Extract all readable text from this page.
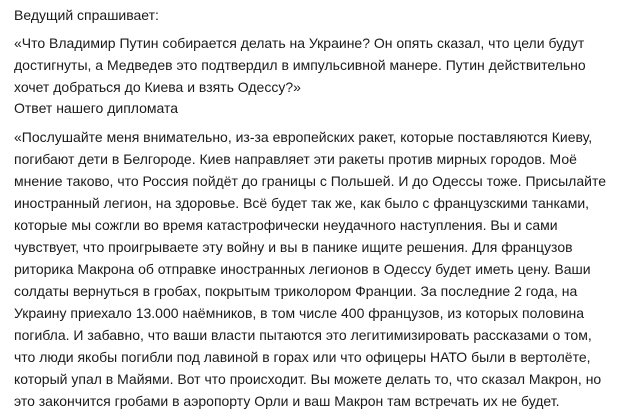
Ведущий спрашивает:
«Что Владимир Путин собирается делать на Украине? Он опять сказал, что цели будут
достигнуты, а Медведев это подтвердил в импульсивной манере. Путин действительно
хочет добраться до Киева и взять Одессу?»
Ответ нашего дипломата
«Послушайте меня внимательно, из-за европейских ракет, которые поставляются Киеву,
погибают дети в Белгороде. Киев направляет эти ракеты против мирных городов. Моё
мнение таково, что Россия пойдёт до границы с Польшей. И до Одессы тоже. Присылайте
иностранный легион, на здоровье. Всё будет так же, как было с французскими танками,
которые мы сожгли во время катастрофически неудачного наступления. Вы и сами
чувствует, что проигрываете эту войну и вы в панике ищите решения. Для французов
риторика Макрона об отправке иностранных легионов в Одессу будет иметь цену. Ваши
солдаты вернуться в гробах, покрытым триколором Франции. За последние 2 года, на
Украину приехало 13.000 наёмников, в том числе 400 французов, из которых половина
погибла. И забавно, что ваши власти пытаются это легитимизировать рассказами о том,
что люди якобы погибли под лавиной в горах или что офицеры НАТО были в вертолёте,
который упал в Майями. Вот что происходит. Вы можете делать то, что сказал Макрон, но
это закончится гробами в аэропорту Орли и ваш Макрон там встречать их не будет.
